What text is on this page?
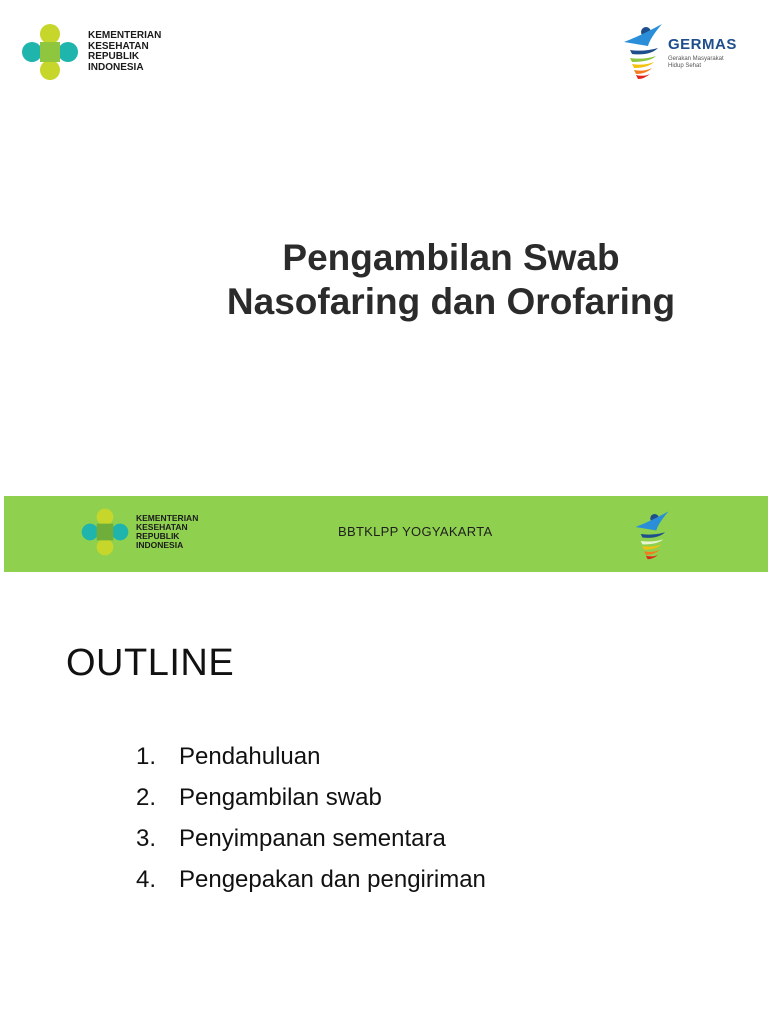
KEMENTERIAN
KESEHATAN
REPUBLIK
INDONESIA
GERMAS
Gerakan Masyarakat
Hidup Sehat
Pengambilan Swab
Nasofaring dan Orofaring
KEMENTERIAN
KESEHATAN
REPUBLIK
INDONESIA
BBTKLPP YOGYAKARTA
OUTLINE
1. Pendahuluan
2. Pengambilan swab
3. Penyimpanan sementara
4. Pengepakan dan pengiriman
